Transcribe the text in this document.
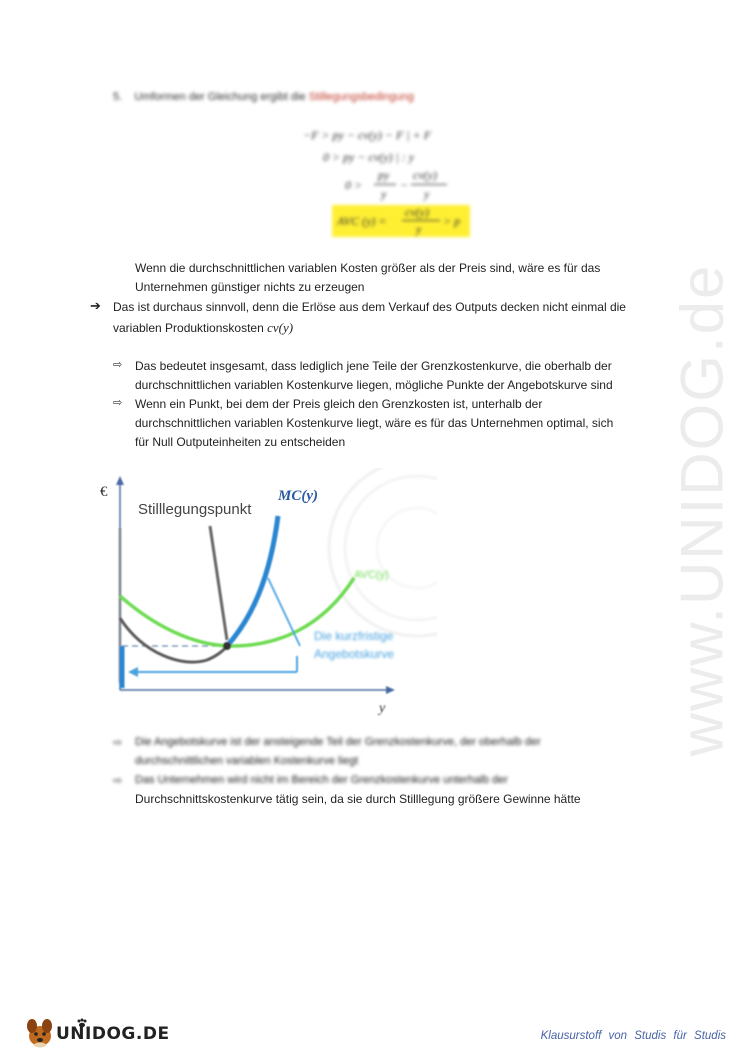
www.UNIDOG.de
5. Umformen der Gleichung ergibt die Stillegungsbedingung
−F > py − cv(y) − F | + F
0 > py − cv(y) | : y
0 >
py
y
−
cv(y)
y
AVC (y) =
cv(y)
y
> p
Wenn die durchschnittlichen variablen Kosten größer als der Preis sind, wäre es für das
Unternehmen günstiger nichts zu erzeugen
➔ Das ist durchaus sinnvoll, denn die Erlöse aus dem Verkauf des Outputs decken nicht einmal die
variablen Produktionskosten cv(y)
⇨ Das bedeutet insgesamt, dass lediglich jene Teile der Grenzkostenkurve, die oberhalb der
durchschnittlichen variablen Kostenkurve liegen, mögliche Punkte der Angebotskurve sind
⇨ Wenn ein Punkt, bei dem der Preis gleich den Grenzkosten ist, unterhalb der
durchschnittlichen variablen Kostenkurve liegt, wäre es für das Unternehmen optimal, sich
für Null Outputeinheiten zu entscheiden
€
Stilllegungspunkt
MC(y)
AVC(y)
Die kurzfristige
Angebotskurve
y
⇨ Die Angebotskurve ist der ansteigende Teil der Grenzkostenkurve, der oberhalb der
durchschnittlichen variablen Kostenkurve liegt
⇨ Das Unternehmen wird nicht im Bereich der Grenzkostenkurve unterhalb der
Durchschnittskostenkurve tätig sein, da sie durch Stilllegung größere Gewinne hätte
UNIDOG.DE	Klausurstoff von Studis für Studis
